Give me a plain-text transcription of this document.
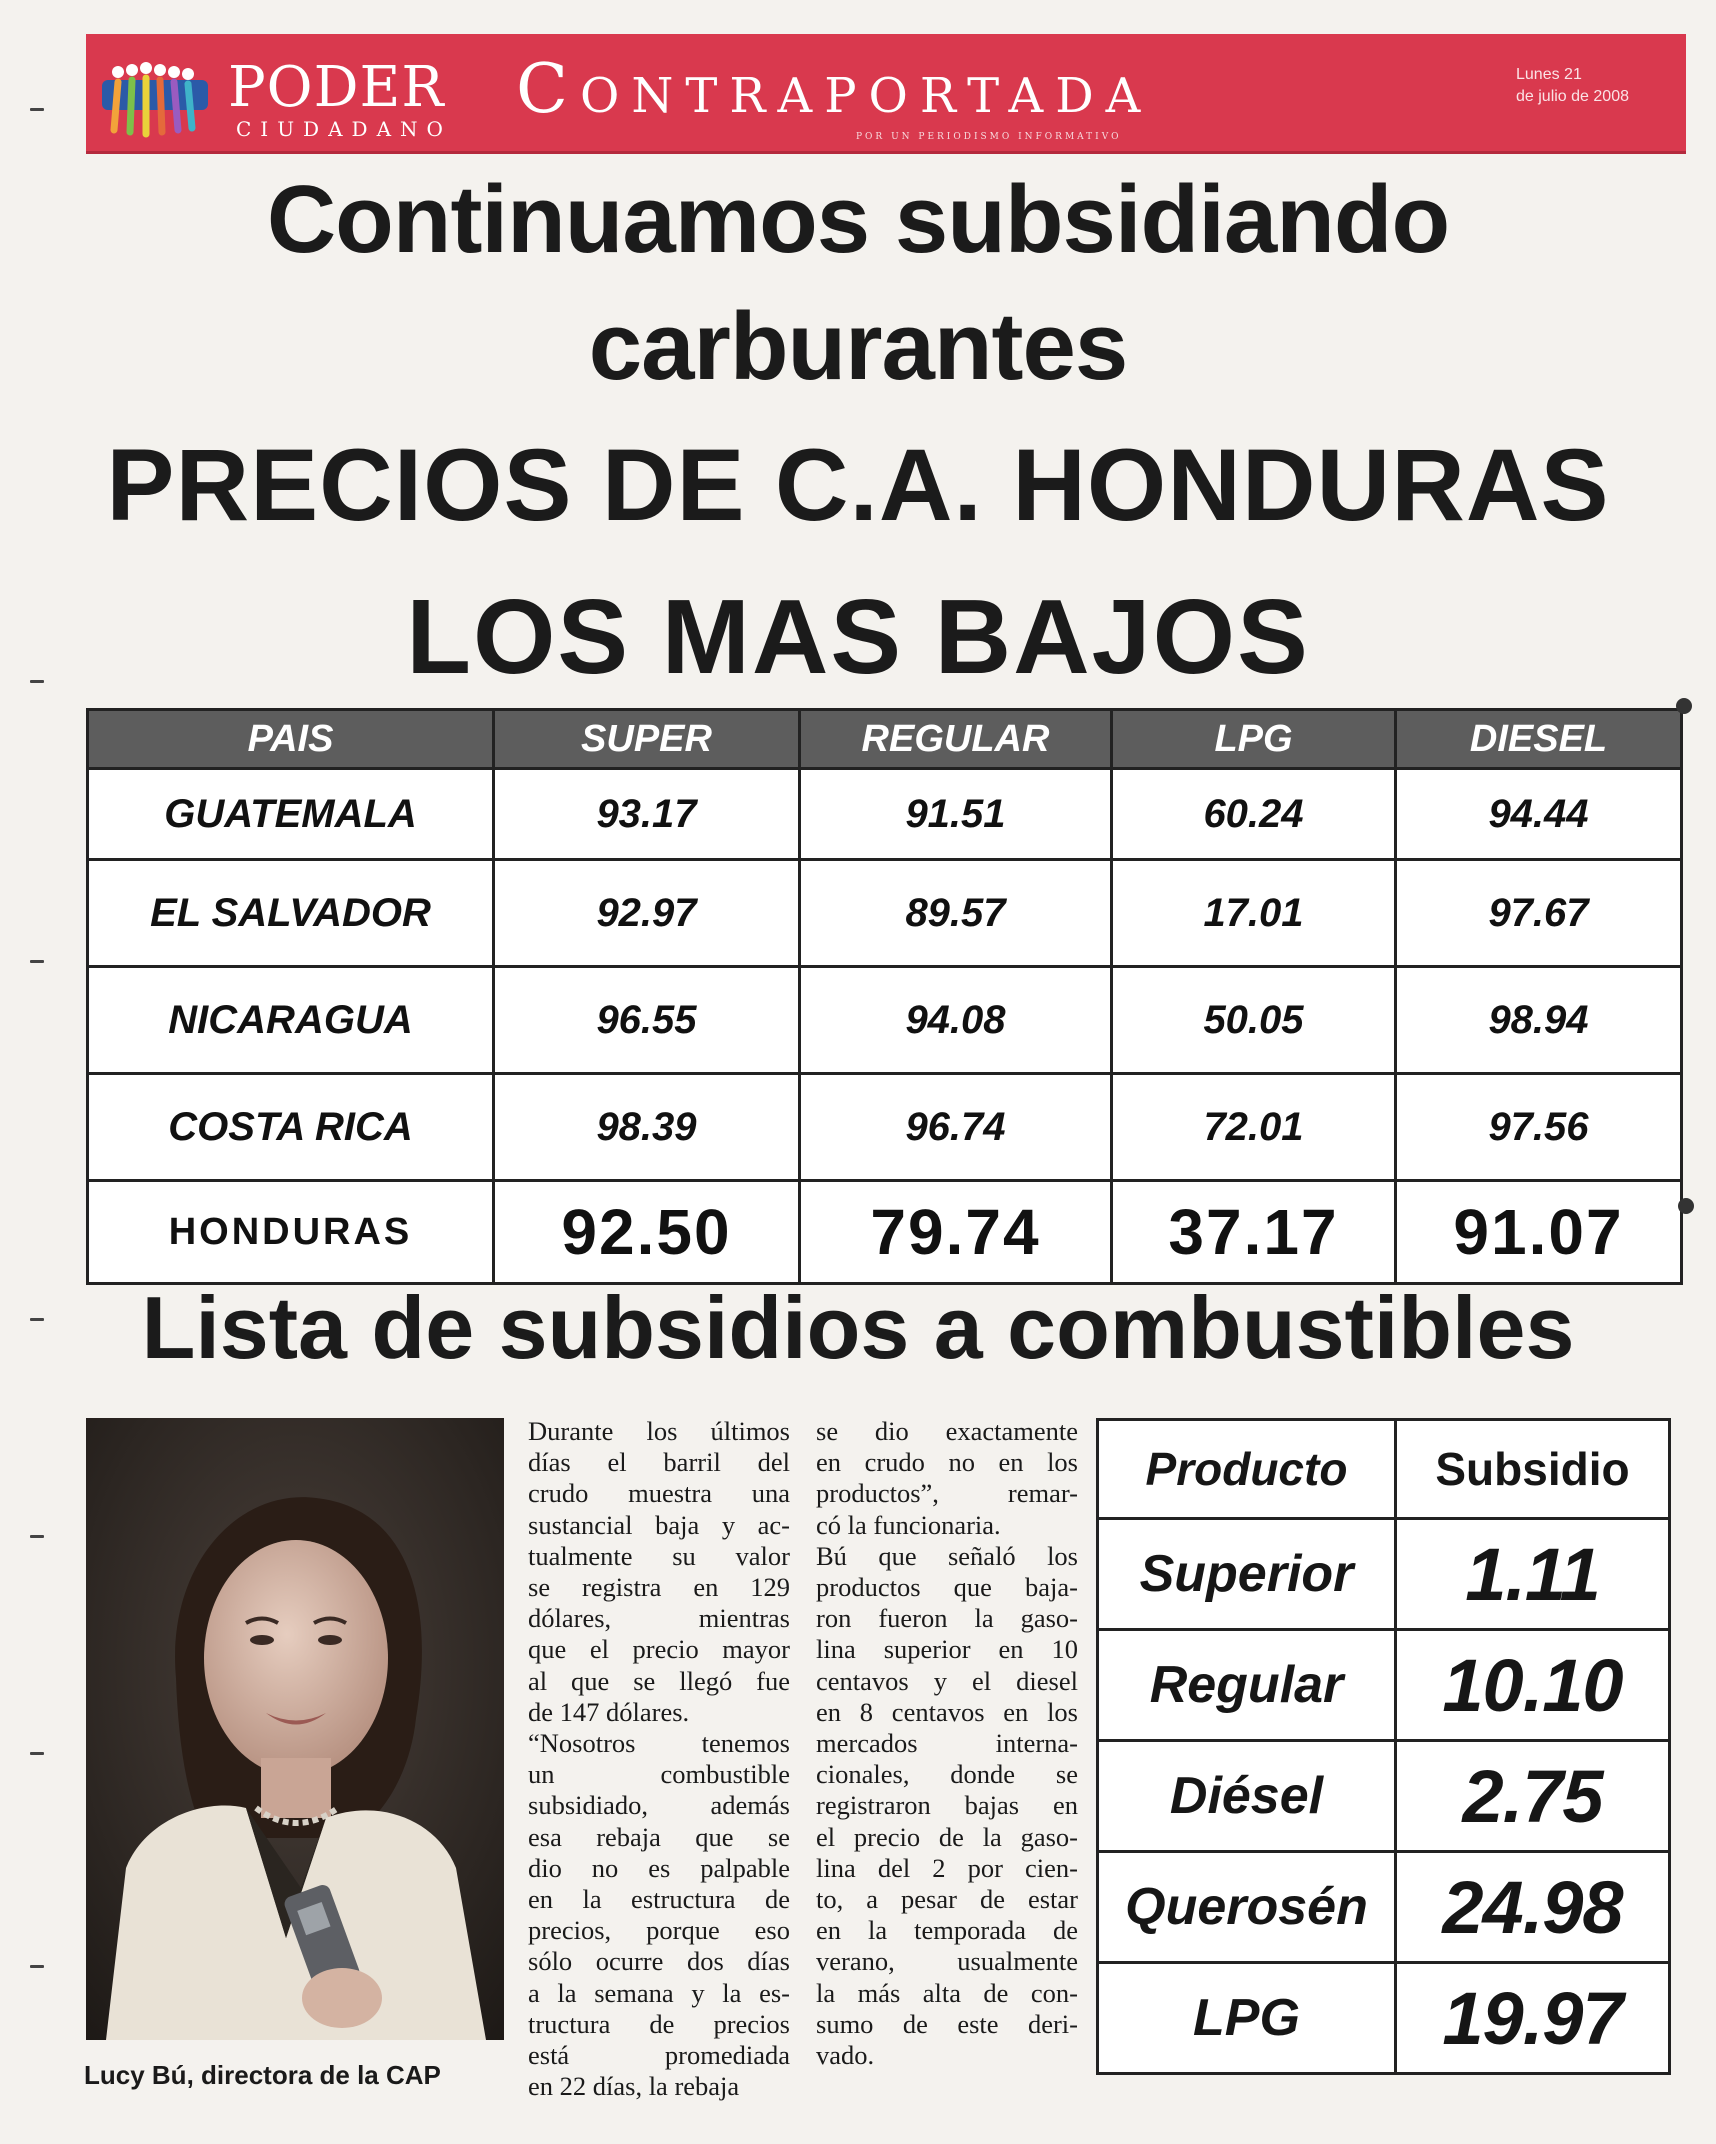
PODER
CIUDADANO Contraportada
POR UN PERIODISMO INFORMATIVO
Lunes 21
de julio de 2008
Continuamos subsidiando
carburantes
PRECIOS DE C.A. HONDURAS
LOS MAS BAJOS
PAIS	SUPER	REGULAR	LPG	DIESEL
GUATEMALA	93.17	91.51	60.24	94.44
EL SALVADOR	92.97	89.57	17.01	97.67
NICARAGUA	96.55	94.08	50.05	98.94
COSTA RICA	98.39	96.74	72.01	97.56
HONDURAS	92.50	79.74	37.17	91.07
Lista de subsidios a combustibles
Lucy Bú, directora de la CAP
Durante los últimos
días el barril del
crudo muestra una
sustancial baja y ac-
tualmente su valor
se registra en 129
dólares, mientras
que el precio mayor
al que se llegó fue
de 147 dólares.
“Nosotros tenemos
un combustible
subsidiado, además
esa rebaja que se
dio no es palpable
en la estructura de
precios, porque eso
sólo ocurre dos días
a la semana y la es-
tructura de precios
está promediada
en 22 días, la rebaja
se dio exactamente
en crudo no en los
productos”, remar-
có la funcionaria.
Bú que señaló los
productos que baja-
ron fueron la gaso-
lina superior en 10
centavos y el diesel
en 8 centavos en los
mercados interna-
cionales, donde se
registraron bajas en
el precio de la gaso-
lina del 2 por cien-
to, a pesar de estar
en la temporada de
verano, usualmente
la más alta de con-
sumo de este deri-
vado.
Producto	Subsidio
Superior	1.11
Regular	10.10
Diésel	2.75
Querosén	24.98
LPG	19.97
